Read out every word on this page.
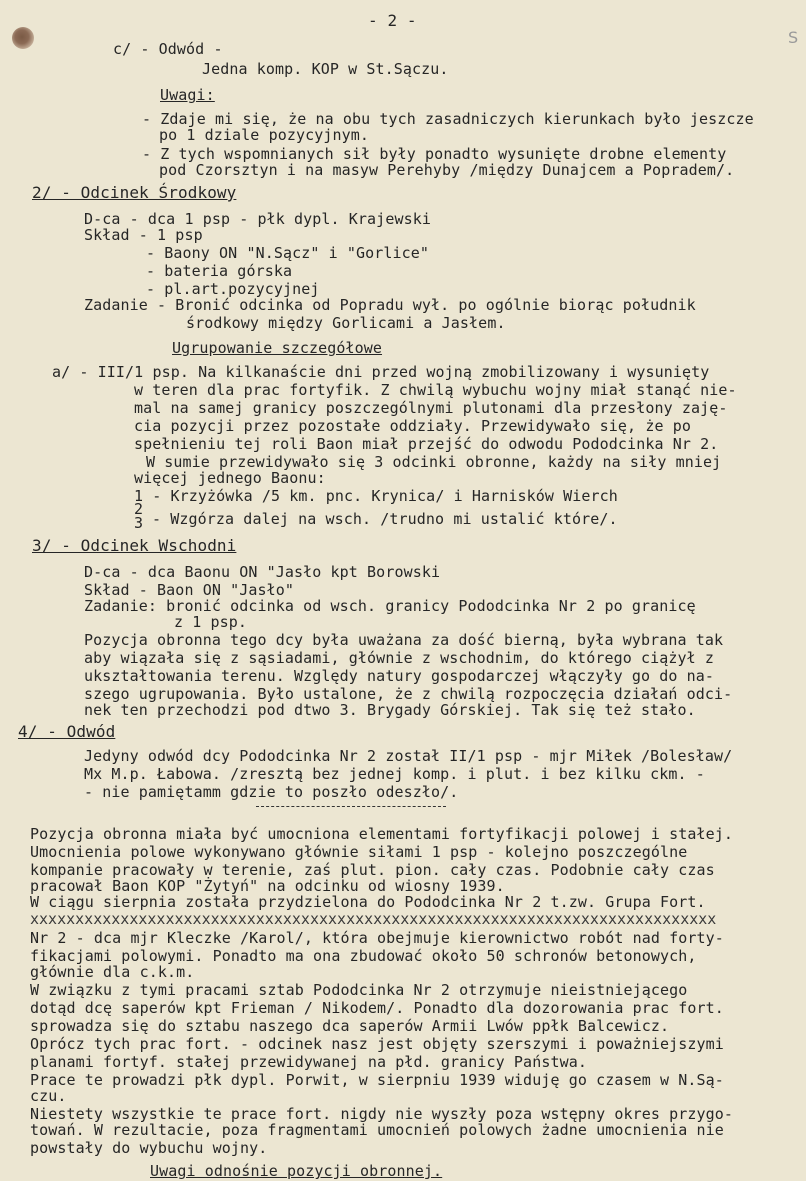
- 2 -
S
c/ - Odwód -
Jedna komp. KOP w St.Sączu.
Uwagi:
- Zdaje mi się, że na obu tych zasadniczych kierunkach było jeszcze
po 1 dziale pozycyjnym.
- Z tych wspomnianych sił były ponadto wysunięte drobne elementy
pod Czorsztyn i na masyw Perehyby /między Dunajcem a Popradem/.
2/ - Odcinek Środkowy
D-ca - dca 1 psp - płk dypl. Krajewski
Skład - 1 psp
- Baony ON "N.Sącz" i "Gorlice"
- bateria górska
- pl.art.pozycyjnej
Zadanie - Bronić odcinka od Popradu wył. po ogólnie biorąc południk
środkowy między Gorlicami a Jasłem.
Ugrupowanie szczegółowe
a/ - III/1 psp. Na kilkanaście dni przed wojną zmobilizowany i wysunięty
w teren dla prac fortyfik. Z chwilą wybuchu wojny miał stanąć nie-
mal na samej granicy poszczególnymi plutonami dla przesłony zaję-
cia pozycji przez pozostałe oddziały. Przewidywało się, że po
spełnieniu tej roli Baon miał przejść do odwodu Pododcinka Nr 2.
W sumie przewidywało się 3 odcinki obronne, każdy na siły mniej
więcej jednego Baonu:
1 - Krzyżówka /5 km. pnc. Krynica/ i Harnisków Wierch
2
3 - Wzgórza dalej na wsch. /trudno mi ustalić które/.
3/ - Odcinek Wschodni
D-ca - dca Baonu ON "Jasło kpt Borowski
Skład - Baon ON "Jasło"
Zadanie: bronić odcinka od wsch. granicy Pododcinka Nr 2 po granicę
z 1 psp.
Pozycja obronna tego dcy była uważana za dość bierną, była wybrana tak
aby wiązała się z sąsiadami, głównie z wschodnim, do którego ciążył z
ukształtowania terenu. Względy natury gospodarczej włączyły go do na-
szego ugrupowania. Było ustalone, że z chwilą rozpoczęcia działań odci-
nek ten przechodzi pod dtwo 3. Brygady Górskiej. Tak się też stało.
4/ - Odwód
Jedyny odwód dcy Pododcinka Nr 2 został II/1 psp - mjr Miłek /Bolesław/
Mx M.p. Łabowa. /zresztą bez jednej komp. i plut. i bez kilku ckm. -
- nie pamiętamm gdzie to poszło odeszło/.
Pozycja obronna miała być umocniona elementami fortyfikacji polowej i stałej.
Umocnienia polowe wykonywano głównie siłami 1 psp - kolejno poszczególne
kompanie pracowały w terenie, zaś plut. pion. cały czas. Podobnie cały czas
pracował Baon KOP "Żytyń" na odcinku od wiosny 1939.
W ciągu sierpnia została przydzielona do Pododcinka Nr 2 t.zw. Grupa Fort.
xxxxxxxxxxxxxxxxxxxxxxxxxxxxxxxxxxxxxxxxxxxxxxxxxxxxxxxxxxxxxxxxxxxxxxxxxxxx
Nr 2 - dca mjr Kleczke /Karol/, która obejmuje kierownictwo robót nad forty-
fikacjami polowymi. Ponadto ma ona zbudować około 50 schronów betonowych,
głównie dla c.k.m.
W związku z tymi pracami sztab Pododcinka Nr 2 otrzymuje nieistniejącego
dotąd dcę saperów kpt Frieman / Nikodem/. Ponadto dla dozorowania prac fort.
sprowadza się do sztabu naszego dca saperów Armii Lwów ppłk Balcewicz.
Oprócz tych prac fort. - odcinek nasz jest objęty szerszymi i poważniejszymi
planami fortyf. stałej przewidywanej na płd. granicy Państwa.
Prace te prowadzi płk dypl. Porwit, w sierpniu 1939 widuję go czasem w N.Są-
czu.
Niestety wszystkie te prace fort. nigdy nie wyszły poza wstępny okres przygo-
towań. W rezultacie, poza fragmentami umocnień polowych żadne umocnienia nie
powstały do wybuchu wojny.
Uwagi odnośnie pozycji obronnej.
